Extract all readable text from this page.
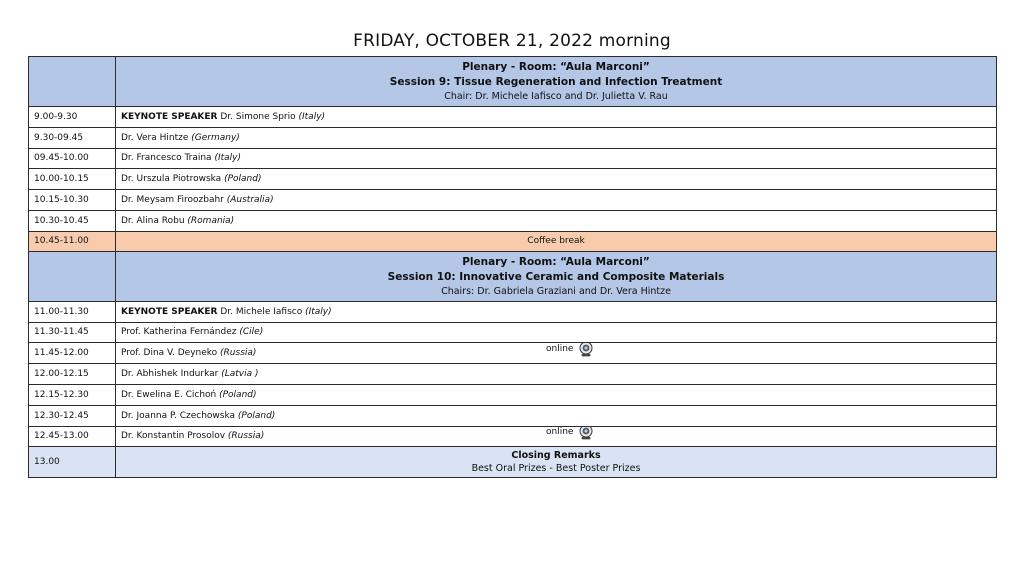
FRIDAY, OCTOBER 21, 2022 morning

	Plenary - Room: “Aula Marconi”
Session 9: Tissue Regeneration and Infection Treatment
Chair: Dr. Michele Iafisco and Dr. Julietta V. Rau

9.00-9.30	KEYNOTE SPEAKER Dr. Simone Sprio (Italy)
9.30-09.45	Dr. Vera Hintze (Germany)
09.45-10.00	Dr. Francesco Traina (Italy)
10.00-10.15	Dr. Urszula Piotrowska (Poland)
10.15-10.30	Dr. Meysam Firoozbahr (Australia)
10.30-10.45	Dr. Alina Robu (Romania)
10.45-11.00	Coffee break

	Plenary - Room: “Aula Marconi”
Session 10: Innovative Ceramic and Composite Materials
Chairs: Dr. Gabriela Graziani and Dr. Vera Hintze

11.00-11.30	KEYNOTE SPEAKER Dr. Michele Iafisco (Italy)
11.30-11.45	Prof. Katherina Fernández (Cile)
11.45-12.00	Prof. Dina V. Deyneko (Russia) online

12.00-12.15	Dr. Abhishek Indurkar (Latvia )
12.15-12.30	Dr. Ewelina E. Cichoń (Poland)
12.30-12.45	Dr. Joanna P. Czechowska (Poland)
12.45-13.00	Dr. Konstantin Prosolov (Russia) online

13.00	Closing Remarks
Best Oral Prizes - Best Poster Prizes
